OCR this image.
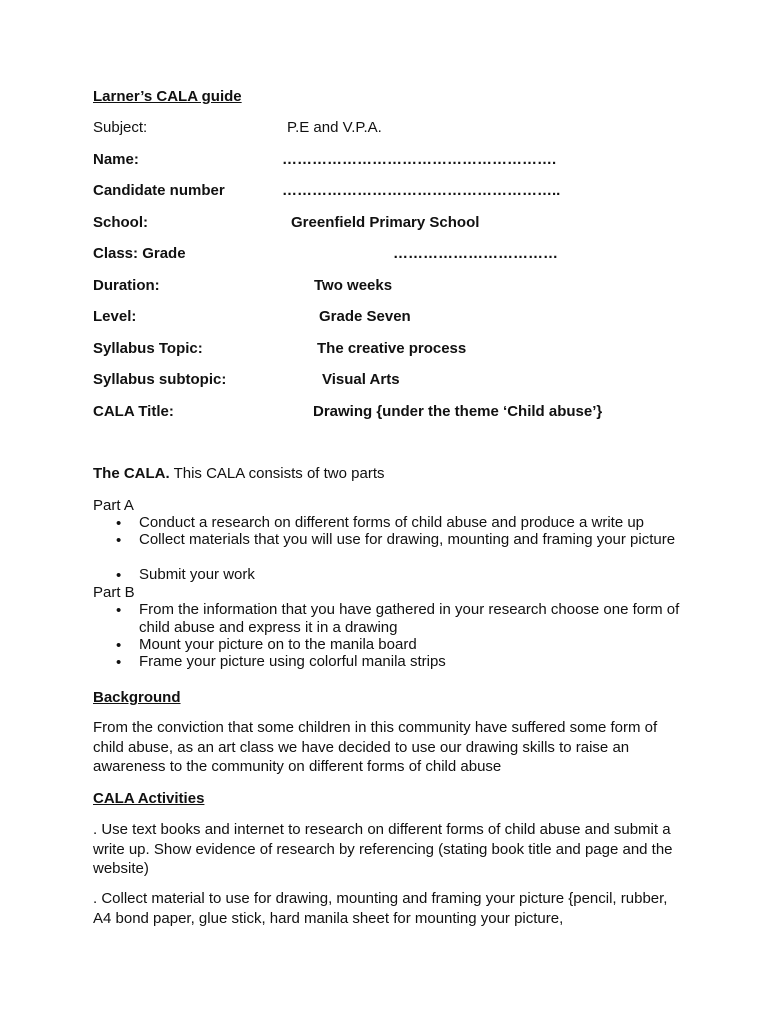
Larner’s CALA guide
Subject:	P.E and V.P.A.
Name:	……………………………………………….
Candidate number	………………………………………………..
School:	Greenfield Primary School
Class: Grade	……………………………
Duration:	Two weeks
Level:	Grade Seven
Syllabus Topic:	The creative process
Syllabus subtopic:	Visual Arts
CALA Title:	Drawing {under the theme ‘Child abuse’}
The CALA. This CALA consists of two parts
Part A
• Conduct a research on different forms of child abuse and produce a write up
• Collect materials that you will use for drawing, mounting and framing your picture
• Submit your work
Part B
• From the information that you have gathered in your research choose one form of child abuse and express it in a drawing
• Mount your picture on to the manila board
• Frame your picture using colorful manila strips
Background
From the conviction that some children in this community have suffered some form of child abuse, as an art class we have decided to use our drawing skills to raise an awareness to the community on different forms of child abuse
CALA Activities
. Use text books and internet to research on different forms of child abuse and submit a write up. Show evidence of research by referencing (stating book title and page and the website)
. Collect material to use for drawing, mounting and framing your picture {pencil, rubber, A4 bond paper, glue stick, hard manila sheet for mounting your picture,
